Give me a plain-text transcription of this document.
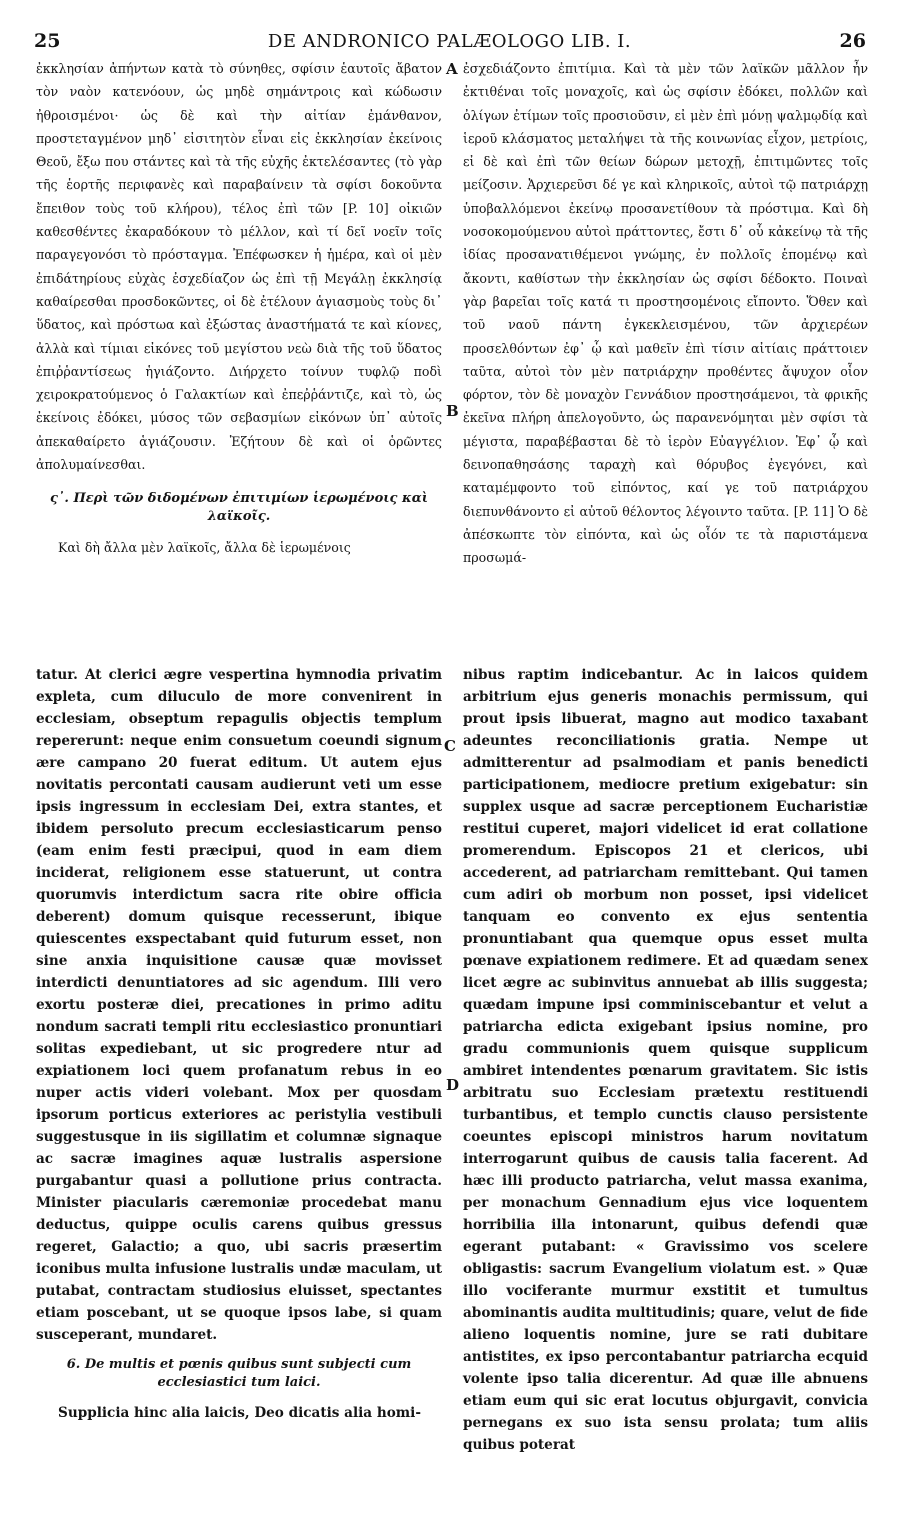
25	DE ANDRONICO PALÆOLOGO LIB. I.	26

ἐκκλησίαν ἀπήντων κατὰ τὸ σύνηθες, σφίσιν ἑαυτοῖς ἄβατον τὸν ναὸν κατενόουν, ὡς μηδὲ σημάντροις καὶ κώδωσιν ἠθροισμένοι· ὡς δὲ καὶ τὴν αἰτίαν ἐμάνθανον, προστεταγμένον μηδ᾽ εἰσιτητὸν εἶναι εἰς ἐκκλησίαν ἐκείνοις Θεοῦ, ἔξω που στάντες καὶ τὰ τῆς εὐχῆς ἐκτελέσαντες (τὸ γὰρ τῆς ἑορτῆς περιφανὲς καὶ παραβαίνειν τὰ σφίσι δοκοῦντα ἔπειθον τοὺς τοῦ κλήρου), τέλος ἐπὶ τῶν [P. 10] οἰκιῶν καθεσθέντες ἐκαραδόκουν τὸ μέλλον, καὶ τί δεῖ νοεῖν τοῖς παραγεγονόσι τὸ πρόσταγμα. Ἐπέφωσκεν ἡ ἡμέρα, καὶ οἱ μὲν ἐπιδάτηρίους εὐχὰς ἐσχεδίαζον ὡς ἐπὶ τῇ Μεγάλῃ ἐκκλησίᾳ καθαίρεσθαι προσδοκῶντες, οἱ δὲ ἐτέλουν ἁγιασμοὺς τοὺς δι᾽ ὕδατος, καὶ πρόστωα καὶ ἐξώστας ἀναστήματά τε καὶ κίονες, ἀλλὰ καὶ τίμιαι εἰκόνες τοῦ μεγίστου νεὼ διὰ τῆς τοῦ ὕδατος ἐπιῤῥαντίσεως ἡγιάζοντο. Διήρχετο τοίνυν τυφλῷ ποδὶ χειροκρατούμενος ὁ Γαλακτίων καὶ ἐπεῤῥάντιζε, καὶ τὸ, ὡς ἐκείνοις ἐδόκει, μύσος τῶν σεβασμίων εἰκόνων ὑπ᾽ αὐτοῖς ἀπεκαθαίρετο ἁγιάζουσιν. Ἐζήτουν δὲ καὶ οἱ ὁρῶντες ἀπολυμαίνεσθαι.

ς᾽. Περὶ τῶν διδομένων ἐπιτιμίων ἱερωμένοις καὶ λαϊκοῖς.

Καὶ δὴ ἄλλα μὲν λαϊκοῖς, ἄλλα δὲ ἱερωμένοις

ἐσχεδιάζοντο ἐπιτίμια. Καὶ τὰ μὲν τῶν λαϊκῶν μᾶλλον ἦν ἐκτιθέναι τοῖς μοναχοῖς, καὶ ὡς σφίσιν ἐδόκει, πολλῶν καὶ ὀλίγων ἐτίμων τοῖς προσιοῦσιν, εἰ μὲν ἐπὶ μόνῃ ψαλμῳδίᾳ καὶ ἱεροῦ κλάσματος μεταλήψει τὰ τῆς κοινωνίας εἶχον, μετρίοις, εἰ δὲ καὶ ἐπὶ τῶν θείων δώρων μετοχῇ, ἐπιτιμῶντες τοῖς μείζοσιν. Ἀρχιερεῦσι δέ γε καὶ κληρικοῖς, αὐτοὶ τῷ πατριάρχῃ ὑποβαλλόμενοι ἐκείνῳ προσανετίθουν τὰ πρόστιμα. Καὶ δὴ νοσοκομούμενου αὐτοὶ πράττοντες, ἔστι δ᾽ οὗ κἀκείνῳ τὰ τῆς ἰδίας προσανατιθέμενοι γνώμης, ἐν πολλοῖς ἑπομένῳ καὶ ἄκοντι, καθίστων τὴν ἐκκλησίαν ὡς σφίσι δέδοκτο. Ποιναὶ γὰρ βαρεῖαι τοῖς κατά τι προστησομένοις εἴποντο. Ὅθεν καὶ τοῦ ναοῦ πάντη ἐγκεκλεισμένου, τῶν ἀρχιερέων προσελθόντων ἐφ᾽ ᾧ καὶ μαθεῖν ἐπὶ τίσιν αἰτίαις πράττοιεν ταῦτα, αὐτοὶ τὸν μὲν πατριάρχην προθέντες ἄψυχον οἷον φόρτον, τὸν δὲ μοναχὸν Γεννάδιον προστησάμενοι, τὰ φρικῆς ἐκεῖνα πλήρη ἀπελογοῦντο, ὡς παρανενόμηται μὲν σφίσι τὰ μέγιστα, παραβέβασται δὲ τὸ ἱερὸν Εὐαγγέλιον. Ἐφ᾽ ᾧ καὶ δεινοπαθησάσης ταραχὴ καὶ θόρυβος ἐγεγόνει, καὶ καταμέμφοντο τοῦ εἰπόντος, καί γε τοῦ πατριάρχου διεπυνθάνοντο εἰ αὐτοῦ θέλοντος λέγοιντο ταῦτα. [P. 11] Ὁ δὲ ἀπέσκωπτε τὸν εἰπόντα, καὶ ὡς οἷόν τε τὰ παριστάμενα προσωμά-

tatur. At clerici ægre vespertina hymnodia privatim expleta, cum diluculo de more convenirent in ecclesiam, obseptum repagulis objectis templum repererunt: neque enim consuetum coeundi signum ære campano 20 fuerat editum. Ut autem ejus novitatis percontati causam audierunt veti um esse ipsis ingressum in ecclesiam Dei, extra stantes, et ibidem persoluto precum ecclesiasticarum penso (eam enim festi præcipui, quod in eam diem inciderat, religionem esse statuerunt, ut contra quorumvis interdictum sacra rite obire officia deberent) domum quisque recesserunt, ibique quiescentes exspectabant quid futurum esset, non sine anxia inquisitione causæ quæ movisset interdicti denuntiatores ad sic agendum. Illi vero exortu posteræ diei, precationes in primo aditu nondum sacrati templi ritu ecclesiastico pronuntiari solitas expediebant, ut sic progredere ntur ad expiationem loci quem profanatum rebus in eo nuper actis videri volebant. Mox per quosdam ipsorum porticus exteriores ac peristylia vestibuli suggestusque in iis sigillatim et columnæ signaque ac sacræ imagines aquæ lustralis aspersione purgabantur quasi a pollutione prius contracta. Minister piacularis cæremoniæ procedebat manu deductus, quippe oculis carens quibus gressus regeret, Galactio; a quo, ubi sacris præsertim iconibus multa infusione lustralis undæ maculam, ut putabat, contractam studiosius eluisset, spectantes etiam poscebant, ut se quoque ipsos labe, si quam susceperant, mundaret.

6. De multis et pœnis quibus sunt subjecti cum ecclesiastici tum laici.

Supplicia hinc alia laicis, Deo dicatis alia homi-

nibus raptim indicebantur. Ac in laicos quidem arbitrium ejus generis monachis permissum, qui prout ipsis libuerat, magno aut modico taxabant adeuntes reconciliationis gratia. Nempe ut admitterentur ad psalmodiam et panis benedicti participationem, mediocre pretium exigebatur: sin supplex usque ad sacræ perceptionem Eucharistiæ restitui cuperet, majori videlicet id erat collatione promerendum. Episcopos 21 et clericos, ubi accederent, ad patriarcham remittebant. Qui tamen cum adiri ob morbum non posset, ipsi videlicet tanquam eo convento ex ejus sententia pronuntiabant qua quemque opus esset multa pœnave expiationem redimere. Et ad quædam senex licet ægre ac subinvitus annuebat ab illis suggesta; quædam impune ipsi comminiscebantur et velut a patriarcha edicta exigebant ipsius nomine, pro gradu communionis quem quisque supplicum ambiret intendentes pœnarum gravitatem. Sic istis arbitratu suo Ecclesiam prætextu restituendi turbantibus, et templo cunctis clauso persistente coeuntes episcopi ministros harum novitatum interrogarunt quibus de causis talia facerent. Ad hæc illi producto patriarcha, velut massa exanima, per monachum Gennadium ejus vice loquentem horribilia illa intonarunt, quibus defendi quæ egerant putabant: « Gravissimo vos scelere obligastis: sacrum Evangelium violatum est. » Quæ illo vociferante murmur exstitit et tumultus abominantis audita multitudinis; quare, velut de fide alieno loquentis nomine, jure se rati dubitare antistites, ex ipso percontabantur patriarcha ecquid volente ipso talia dicerentur. Ad quæ ille abnuens etiam eum qui sic erat locutus objurgavit, convicia pernegans ex suo ista sensu prolata; tum aliis quibus poterat

A
B
C
D
